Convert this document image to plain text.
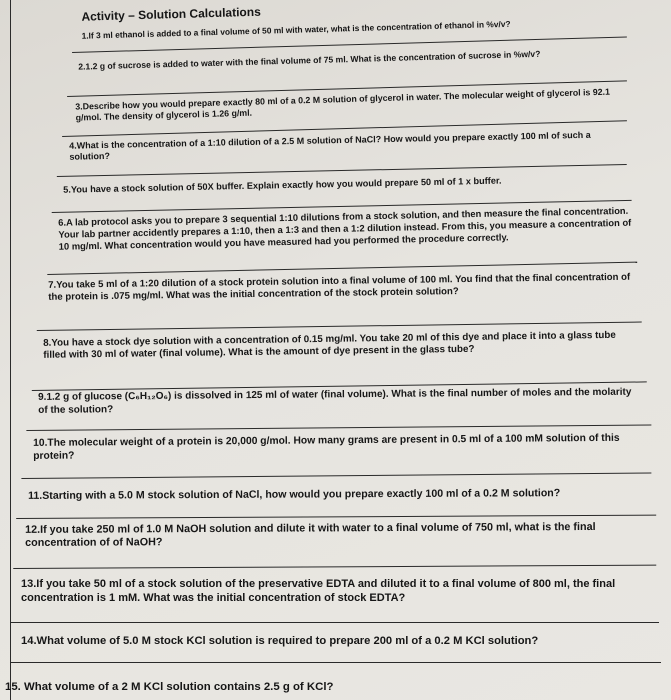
Activity – Solution Calculations
1.If 3 ml ethanol is added to a final volume of 50 ml with water, what is the concentration of ethanol in %v/v?
2.1.2 g of sucrose is added to water with the final volume of 75 ml. What is the concentration of sucrose in %w/v?
3.Describe how you would prepare exactly 80 ml of a 0.2 M solution of glycerol in water. The molecular weight of glycerol is 92.1 g/mol. The density of glycerol is 1.26 g/ml.
4.What is the concentration of a 1:10 dilution of a 2.5 M solution of NaCl? How would you prepare exactly 100 ml of such a solution?
5.You have a stock solution of 50X buffer. Explain exactly how you would prepare 50 ml of 1 x buffer.
6.A lab protocol asks you to prepare 3 sequential 1:10 dilutions from a stock solution, and then measure the final concentration. Your lab partner accidently prepares a 1:10, then a 1:3 and then a 1:2 dilution instead. From this, you measure a concentration of 10 mg/ml. What concentration would you have measured had you performed the procedure correctly.
7.You take 5 ml of a 1:20 dilution of a stock protein solution into a final volume of 100 ml. You find that the final concentration of the protein is .075 mg/ml. What was the initial concentration of the stock protein solution?
8.You have a stock dye solution with a concentration of 0.15 mg/ml. You take 20 ml of this dye and place it into a glass tube filled with 30 ml of water (final volume). What is the amount of dye present in the glass tube?
9.1.2 g of glucose (C₆H₁₂O₆) is dissolved in 125 ml of water (final volume). What is the final number of moles and the molarity of the solution?
10.The molecular weight of a protein is 20,000 g/mol. How many grams are present in 0.5 ml of a 100 mM solution of this protein?
11.Starting with a 5.0 M stock solution of NaCl, how would you prepare exactly 100 ml of a 0.2 M solution?
12.If you take 250 ml of 1.0 M NaOH solution and dilute it with water to a final volume of 750 ml, what is the final concentration of of NaOH?
13.If you take 50 ml of a stock solution of the preservative EDTA and diluted it to a final volume of 800 ml, the final concentration is 1 mM. What was the initial concentration of stock EDTA?
14.What volume of 5.0 M stock KCl solution is required to prepare 200 ml of a 0.2 M KCl solution?
15. What volume of a 2 M KCl solution contains 2.5 g of KCl?
